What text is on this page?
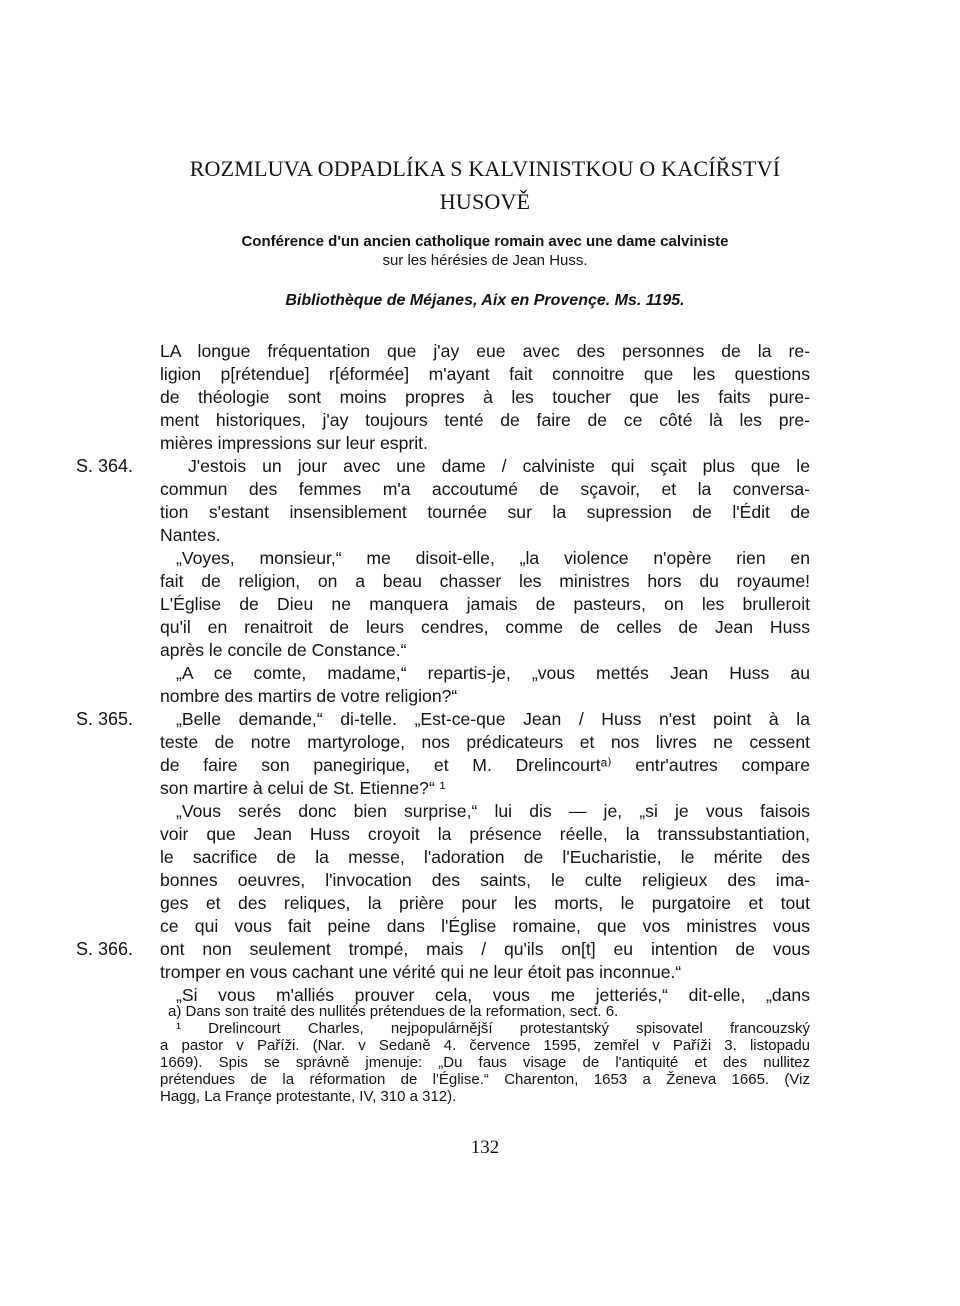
ROZMLUVA ODPADLÍKA S KALVINISTKOU O KACÍŘSTVÍ
HUSOVĚ
Conférence d'un ancien catholique romain avec une dame calviniste
sur les hérésies de Jean Huss.
Bibliothèque de Méjanes, Aix en Provençe. Ms. 1195.
S. 364.
S. 365.
S. 366.
LA longue fréquentation que j'ay eue avec des personnes de la re-
ligion p[rétendue] r[éformée] m'ayant fait connoitre que les questions
de théologie sont moins propres à les toucher que les faits pure-
ment historiques, j'ay toujours tenté de faire de ce côté là les pre-
mières impressions sur leur esprit.
J'estois un jour avec une dame / calviniste qui sçait plus que le
commun des femmes m'a accoutumé de sçavoir, et la conversa-
tion s'estant insensiblement tournée sur la supression de l'Édit de
Nantes.
„Voyes, monsieur,“ me disoit-elle, „la violence n'opère rien en
fait de religion, on a beau chasser les ministres hors du royaume!
L'Église de Dieu ne manquera jamais de pasteurs, on les brulleroit
qu'il en renaitroit de leurs cendres, comme de celles de Jean Huss
après le concile de Constance.“
„A ce comte, madame,“ repartis-je, „vous mettés Jean Huss au
nombre des martirs de votre religion?“
„Belle demande,“ di-telle. „Est-ce-que Jean / Huss n'est point à la
teste de notre martyrologe, nos prédicateurs et nos livres ne cessent
de faire son panegirique, et M. Drelincourtᵃ⁾ entr'autres compare
son martire à celui de St. Etienne?“ ¹
„Vous serés donc bien surprise,“ lui dis — je, „si je vous faisois
voir que Jean Huss croyoit la présence réelle, la transsubstantiation,
le sacrifice de la messe, l'adoration de l'Eucharistie, le mérite des
bonnes oeuvres, l'invocation des saints, le culte religieux des ima-
ges et des reliques, la prière pour les morts, le purgatoire et tout
ce qui vous fait peine dans l'Église romaine, que vos ministres vous
ont non seulement trompé, mais / qu'ils on[t] eu intention de vous
tromper en vous cachant une vérité qui ne leur étoit pas inconnue.“
„Si vous m'alliés prouver cela, vous me jetteriés,“ dit-elle, „dans
a) Dans son traité des nullités prétendues de la reformation, sect. 6.
¹ Drelincourt Charles, nejpopulárnější protestantský spisovatel francouzský
a pastor v Paříži. (Nar. v Sedaně 4. července 1595, zemřel v Paříži 3. listopadu
1669). Spis se správně jmenuje: „Du faus visage de l'antiquité et des nullitez
prétendues de la réformation de l'Église.“ Charenton, 1653 a Ženeva 1665. (Viz
Hagg, La Françe protestante, IV, 310 a 312).
132
